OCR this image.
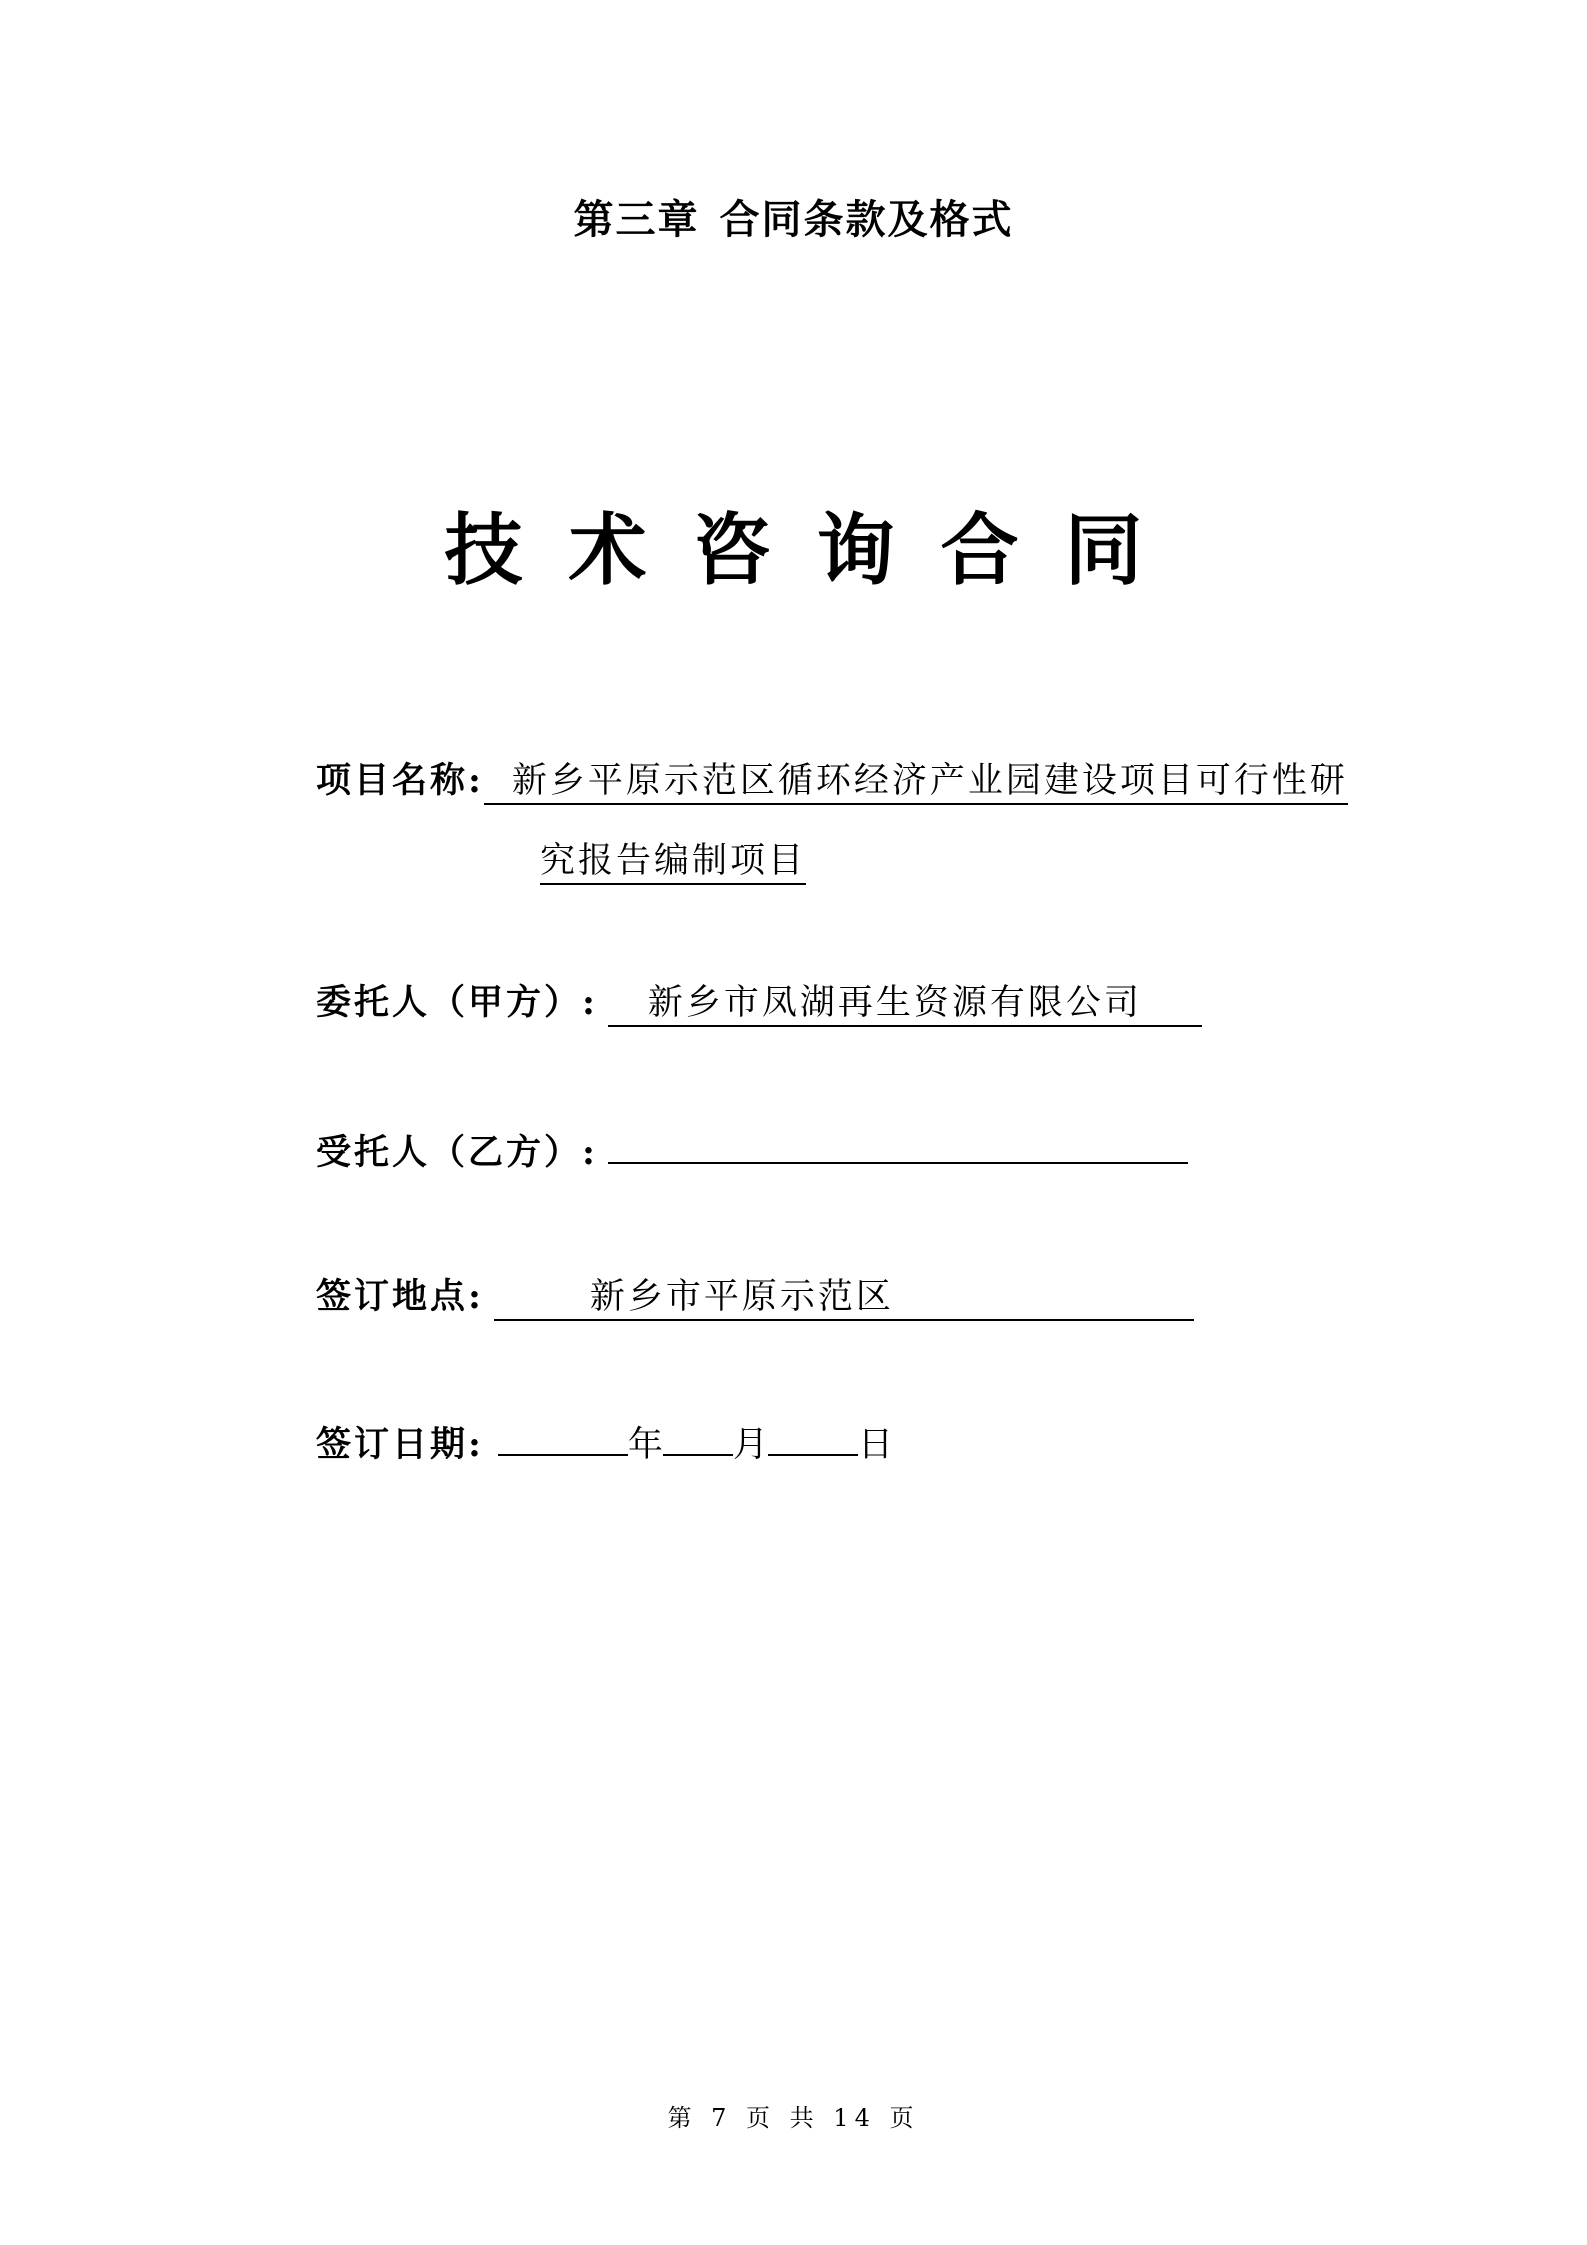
第三章 合同条款及格式
技术咨询合同
项目名称: 新乡平原示范区循环经济产业园建设项目可行性研
究报告编制项目
委托人（甲方）: 新乡市凤湖再生资源有限公司
受托人（乙方）:
签订地点:	新乡市平原示范区
签订日期:	年 月	日
第 7 页 共 14 页
